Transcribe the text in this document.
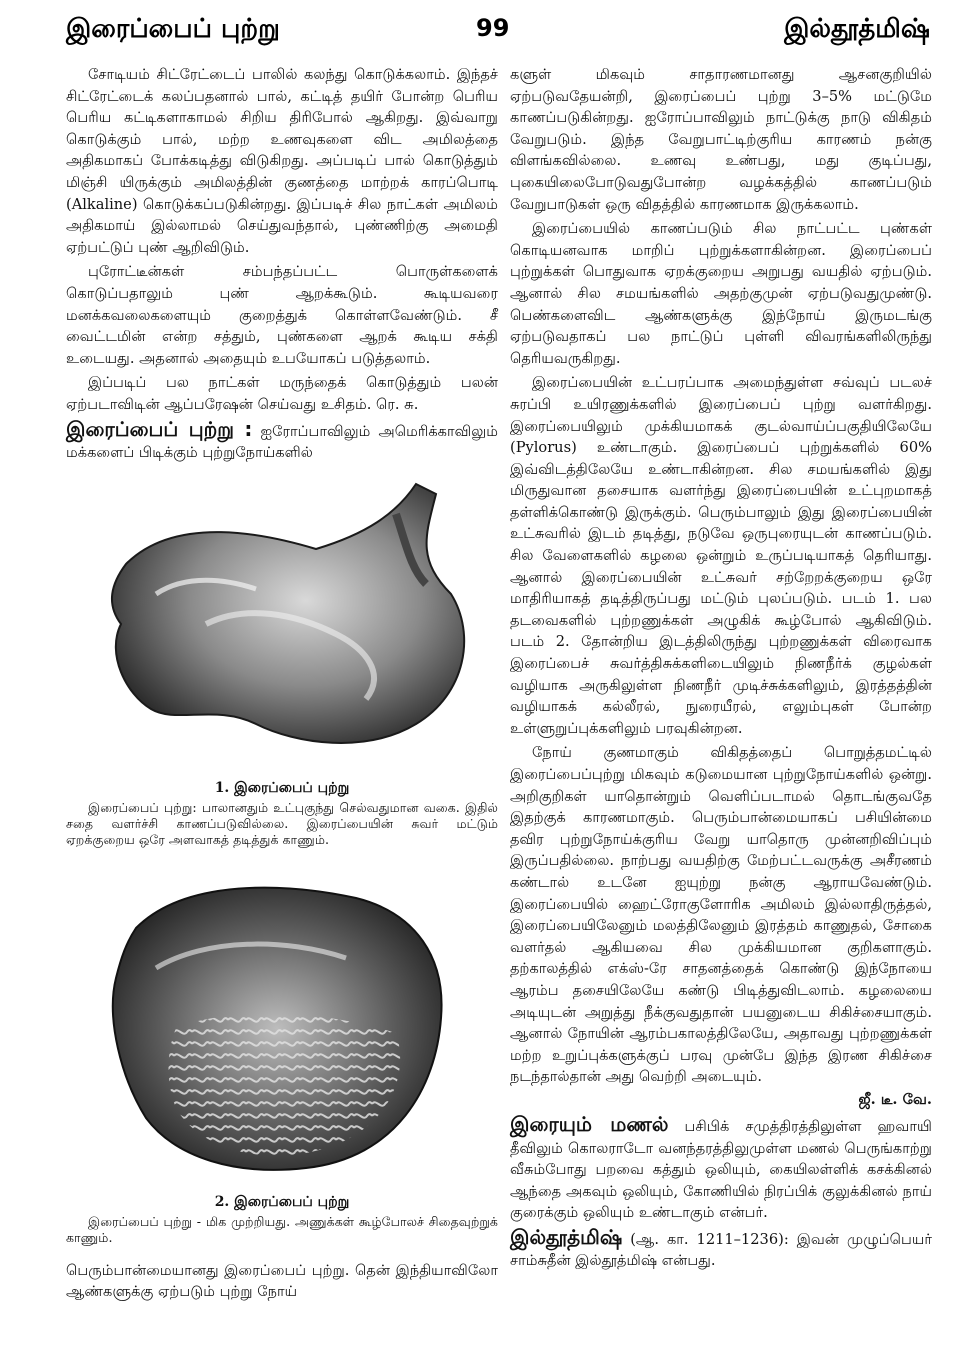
இரைப்பைப் புற்று	99	இல்தூத்மிஷ்

சோடியம் சிட்ரேட்டைப் பாலில் கலந்து கொடுக்கலாம். இந்தச் சிட்ரேட்டைக் கலப்பதனால் பால், கட்டித் தயிர் போன்ற பெரிய பெரிய கட்டிகளாகாமல் சிறிய திரிபோல் ஆகிறது. இவ்வாறு கொடுக்கும் பால், மற்ற உணவுகளை விட அமிலத்தை அதிகமாகப் போக்கடித்து விடுகிறது. அப்படிப் பால் கொடுத்தும் மிஞ்சி யிருக்கும் அமிலத்தின் குணத்தை மாற்றக் காரப்பொடி (Alkaline) கொடுக்கப்படுகின்றது. இப்படிச் சில நாட்கள் அமிலம் அதிகமாய் இல்லாமல் செய்துவந்தால், புண்ணிற்கு அமைதி ஏற்பட்டுப் புண் ஆறிவிடும்.

புரோட்டீன்கள் சம்பந்தப்பட்ட பொருள்களைக் கொடுப்பதாலும் புண் ஆறக்கூடும். கூடியவரை மனக்கவலைகளையும் குறைத்துக் கொள்ளவேண்டும். சீ வைட்டமின் என்ற சத்தும், புண்களை ஆறக் கூடிய சக்தி உடையது. அதனால் அதையும் உபயோகப் படுத்தலாம்.

இப்படிப் பல நாட்கள் மருந்தைக் கொடுத்தும் பலன் ஏற்படாவிடின் ஆப்பரேஷன் செய்வது உசிதம். ரெ. சு.

இரைப்பைப் புற்று : ஐரோப்பாவிலும் அமெரிக்காவிலும் மக்களைப் பிடிக்கும் புற்றுநோய்களில்

1. இரைப்பைப் புற்று

இரைப்பைப் புற்று: பாலானதும் உட்புகுந்து செல்வதுமான வகை. இதில் சதை வளர்ச்சி காணப்படுவில்லை. இரைப்பையின் சுவர் மட்டும் ஏறக்குறைய ஒரே அளவாகத் தடித்துக் காணும்.

2. இரைப்பைப் புற்று

இரைப்பைப் புற்று - மிக முற்றியது. அணுக்கள் கூழ்போலச் சிதைவுற்றுக் காணும்.

பெரும்பான்மையானது இரைப்பைப் புற்று. தென் இந்தியாவிலோ ஆண்களுக்கு ஏற்படும் புற்று நோய்

களுள் மிகவும் சாதாரணமானது ஆசனகுறியில் ஏற்படுவதேயன்றி, இரைப்பைப் புற்று 3–5% மட்டுமே காணப்படுகின்றது. ஐரோப்பாவிலும் நாட்டுக்கு நாடு விகிதம் வேறுபடும். இந்த வேறுபாட்டிற்குரிய காரணம் நன்கு விளங்கவில்லை. உணவு உண்பது, மது குடிப்பது, புகையிலைபோடுவதுபோன்ற வழக்கத்தில் காணப்படும் வேறுபாடுகள் ஒரு விதத்தில் காரணமாக இருக்கலாம்.

இரைப்பையில் காணப்படும் சில நாட்பட்ட புண்கள் கொடியனவாக மாறிப் புற்றுக்களாகின்றன. இரைப்பைப் புற்றுக்கள் பொதுவாக ஏறக்குறைய அறுபது வயதில் ஏற்படும். ஆனால் சில சமயங்களில் அதற்குமுன் ஏற்படுவதுமுண்டு. பெண்களைவிட ஆண்களுக்கு இந்நோய் இருமடங்கு ஏற்படுவதாகப் பல நாட்டுப் புள்ளி விவரங்களிலிருந்து தெரியவருகிறது.

இரைப்பையின் உட்பரப்பாக அமைந்துள்ள சவ்வுப் படலச் சுரப்பி உயிரணுக்களில் இரைப்பைப் புற்று வளர்கிறது. இரைப்பையிலும் முக்கியமாகக் குடல்வாய்ப்பகுதியிலேயே (Pylorus) உண்டாகும். இரைப்பைப் புற்றுக்களில் 60% இவ்விடத்திலேயே உண்டாகின்றன. சில சமயங்களில் இது மிருதுவான தசையாக வளர்ந்து இரைப்பையின் உட்புறமாகத் தள்ளிக்கொண்டு இருக்கும். பெரும்பாலும் இது இரைப்பையின் உட்சுவரில் இடம் தடித்து, நடுவே ஒருபுரையுடன் காணப்படும். சில வேளைகளில் கழலை ஒன்றும் உருப்படியாகத் தெரியாது. ஆனால் இரைப்பையின் உட்சுவர் சற்றேறக்குறைய ஒரே மாதிரியாகத் தடித்திருப்பது மட்டும் புலப்படும். படம் 1. பல தடவைகளில் புற்றணுக்கள் அழுகிக் கூழ்போல் ஆகிவிடும். படம் 2. தோன்றிய இடத்திலிருந்து புற்றணுக்கள் விரைவாக இரைப்பைச் சுவர்த்திசுக்களிடையிலும் நிணநீர்க் குழல்கள் வழியாக அருகிலுள்ள நிணநீர் முடிச்சுக்களிலும், இரத்தத்தின் வழியாகக் கல்லீரல், நுரையீரல், எலும்புகள் போன்ற உள்ளுறுப்புக்களிலும் பரவுகின்றன.

நோய் குணமாகும் விகிதத்தைப் பொறுத்தமட்டில் இரைப்பைப்புற்று மிகவும் கடுமையான புற்றுநோய்களில் ஒன்று. அறிகுறிகள் யாதொன்றும் வெளிப்படாமல் தொடங்குவதே இதற்குக் காரணமாகும். பெரும்பான்மையாகப் பசியின்மை தவிர புற்றுநோய்க்குரிய வேறு யாதொரு முன்னறிவிப்பும் இருப்பதில்லை. நாற்பது வயதிற்கு மேற்பட்டவருக்கு அசீரணம் கண்டால் உடனே ஐயுற்று நன்கு ஆராயவேண்டும். இரைப்பையில் ஹைட்ரோகுளோரிக அமிலம் இல்லாதிருத்தல், இரைப்பையிலேனும் மலத்திலேனும் இரத்தம் காணுதல், சோகை வளர்தல் ஆகியவை சில முக்கியமான குறிகளாகும். தற்காலத்தில் எக்ஸ்-ரே சாதனத்தைக் கொண்டு இந்நோயை ஆரம்ப தசையிலேயே கண்டு பிடித்துவிடலாம். கழலையை அடியுடன் அறுத்து நீக்குவதுதான் பயனுடைய சிகிச்சையாகும். ஆனால் நோயின் ஆரம்பகாலத்திலேயே, அதாவது புற்றணுக்கள் மற்ற உறுப்புக்களுக்குப் பரவு முன்பே இந்த இரண சிகிச்சை நடந்தால்தான் அது வெற்றி அடையும்.

ஜீ. டீ. வே.

இரையும் மணல் பசிபிக் சமுத்திரத்திலுள்ள ஹவாயி தீவிலும் கொலராடோ வனந்தரத்திலுமுள்ள மணல் பெருங்காற்று வீசும்போது பறவை கத்தும் ஒலியும், கையிலள்ளிக் கசக்கினல் ஆந்தை அகவும் ஒலியும், கோணியில் நிரப்பிக் குலுக்கினல் நாய் குரைக்கும் ஒலியும் உண்டாகும் என்பர்.

இல்தூத்மிஷ் (ஆ. கா. 1211–1236): இவன் முழுப்பெயர் சாம்சுதீன் இல்தூத்மிஷ் என்பது.
